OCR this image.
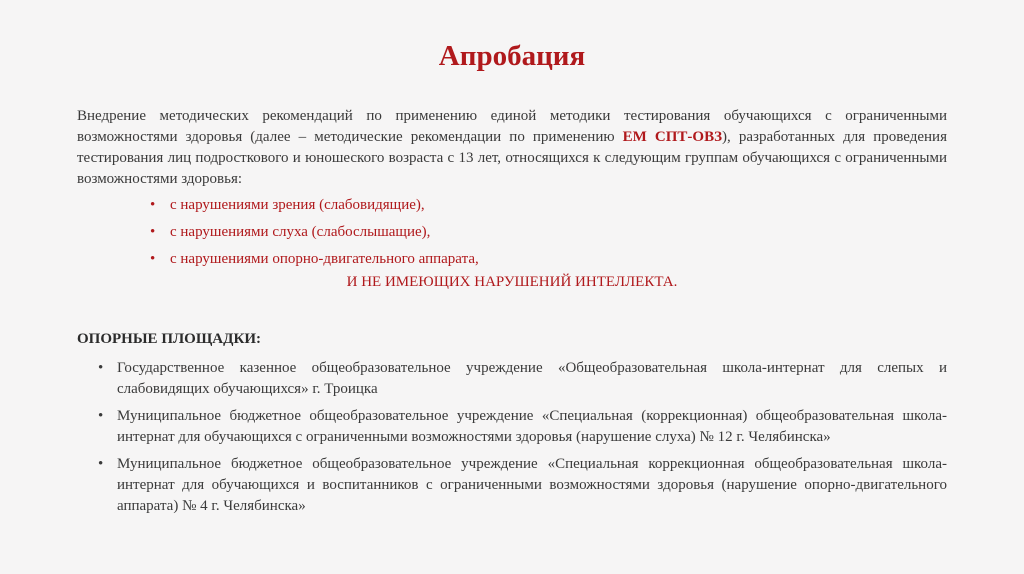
Апробация

Внедрение методических рекомендаций по применению единой методики тестирования обучающихся с ограниченными возможностями здоровья (далее – методические рекомендации по применению ЕМ СПТ-ОВЗ), разработанных для проведения тестирования лиц подросткового и юношеского возраста с 13 лет, относящихся к следующим группам обучающихся с ограниченными возможностями здоровья:

• с нарушениями зрения (слабовидящие),
• с нарушениями слуха (слабослышащие),
• с нарушениями опорно-двигательного аппарата,
И НЕ ИМЕЮЩИХ НАРУШЕНИЙ ИНТЕЛЛЕКТА.

ОПОРНЫЕ ПЛОЩАДКИ:

• Государственное казенное общеобразовательное учреждение «Общеобразовательная школа-интернат для слепых и слабовидящих обучающихся» г. Троицка
• Муниципальное бюджетное общеобразовательное учреждение «Специальная (коррекционная) общеобразовательная школа-интернат для обучающихся с ограниченными возможностями здоровья (нарушение слуха) № 12 г. Челябинска»
• Муниципальное бюджетное общеобразовательное учреждение «Специальная коррекционная общеобразовательная школа-интернат для обучающихся и воспитанников с ограниченными возможностями здоровья (нарушение опорно-двигательного аппарата) № 4 г. Челябинска»
